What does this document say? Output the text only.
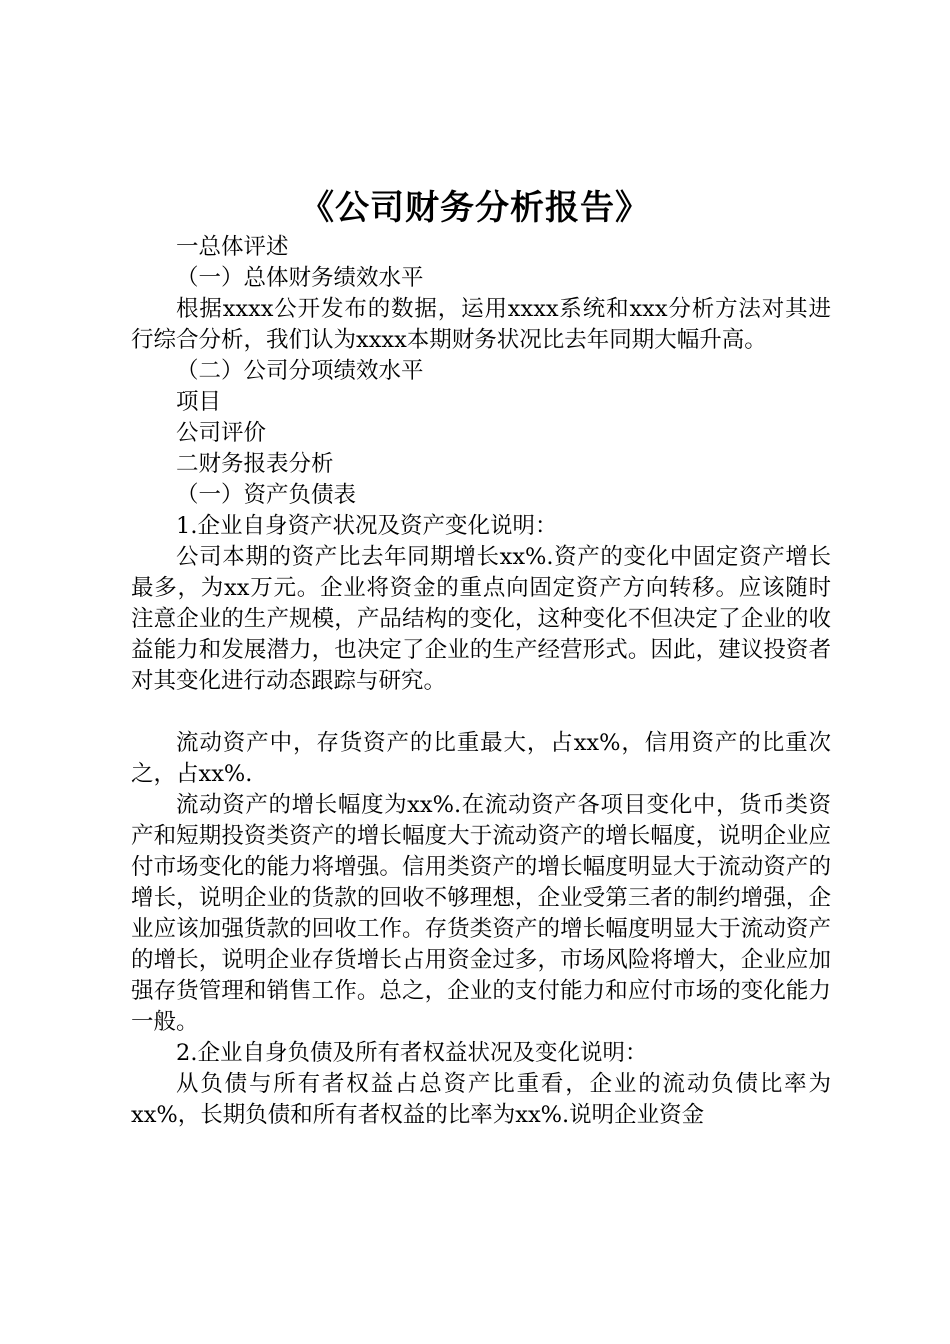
《公司财务分析报告》

一总体评述

（一）总体财务绩效水平

根据xxxx公开发布的数据，运用xxxx系统和xxx分析方法对其进行综合分析，我们认为xxxx本期财务状况比去年同期大幅升高。

（二）公司分项绩效水平

项目

公司评价

二财务报表分析

（一）资产负债表

1.企业自身资产状况及资产变化说明：

公司本期的资产比去年同期增长xx%.资产的变化中固定资产增长最多，为xx万元。企业将资金的重点向固定资产方向转移。应该随时注意企业的生产规模，产品结构的变化，这种变化不但决定了企业的收益能力和发展潜力，也决定了企业的生产经营形式。因此，建议投资者对其变化进行动态跟踪与研究。

流动资产中，存货资产的比重最大，占xx%，信用资产的比重次之，占xx%.

流动资产的增长幅度为xx%.在流动资产各项目变化中，货币类资产和短期投资类资产的增长幅度大于流动资产的增长幅度，说明企业应付市场变化的能力将增强。信用类资产的增长幅度明显大于流动资产的增长，说明企业的货款的回收不够理想，企业受第三者的制约增强，企业应该加强货款的回收工作。存货类资产的增长幅度明显大于流动资产的增长，说明企业存货增长占用资金过多，市场风险将增大，企业应加强存货管理和销售工作。总之，企业的支付能力和应付市场的变化能力一般。

2.企业自身负债及所有者权益状况及变化说明：

从负债与所有者权益占总资产比重看，企业的流动负债比率为xx%，长期负债和所有者权益的比率为xx%.说明企业资金
